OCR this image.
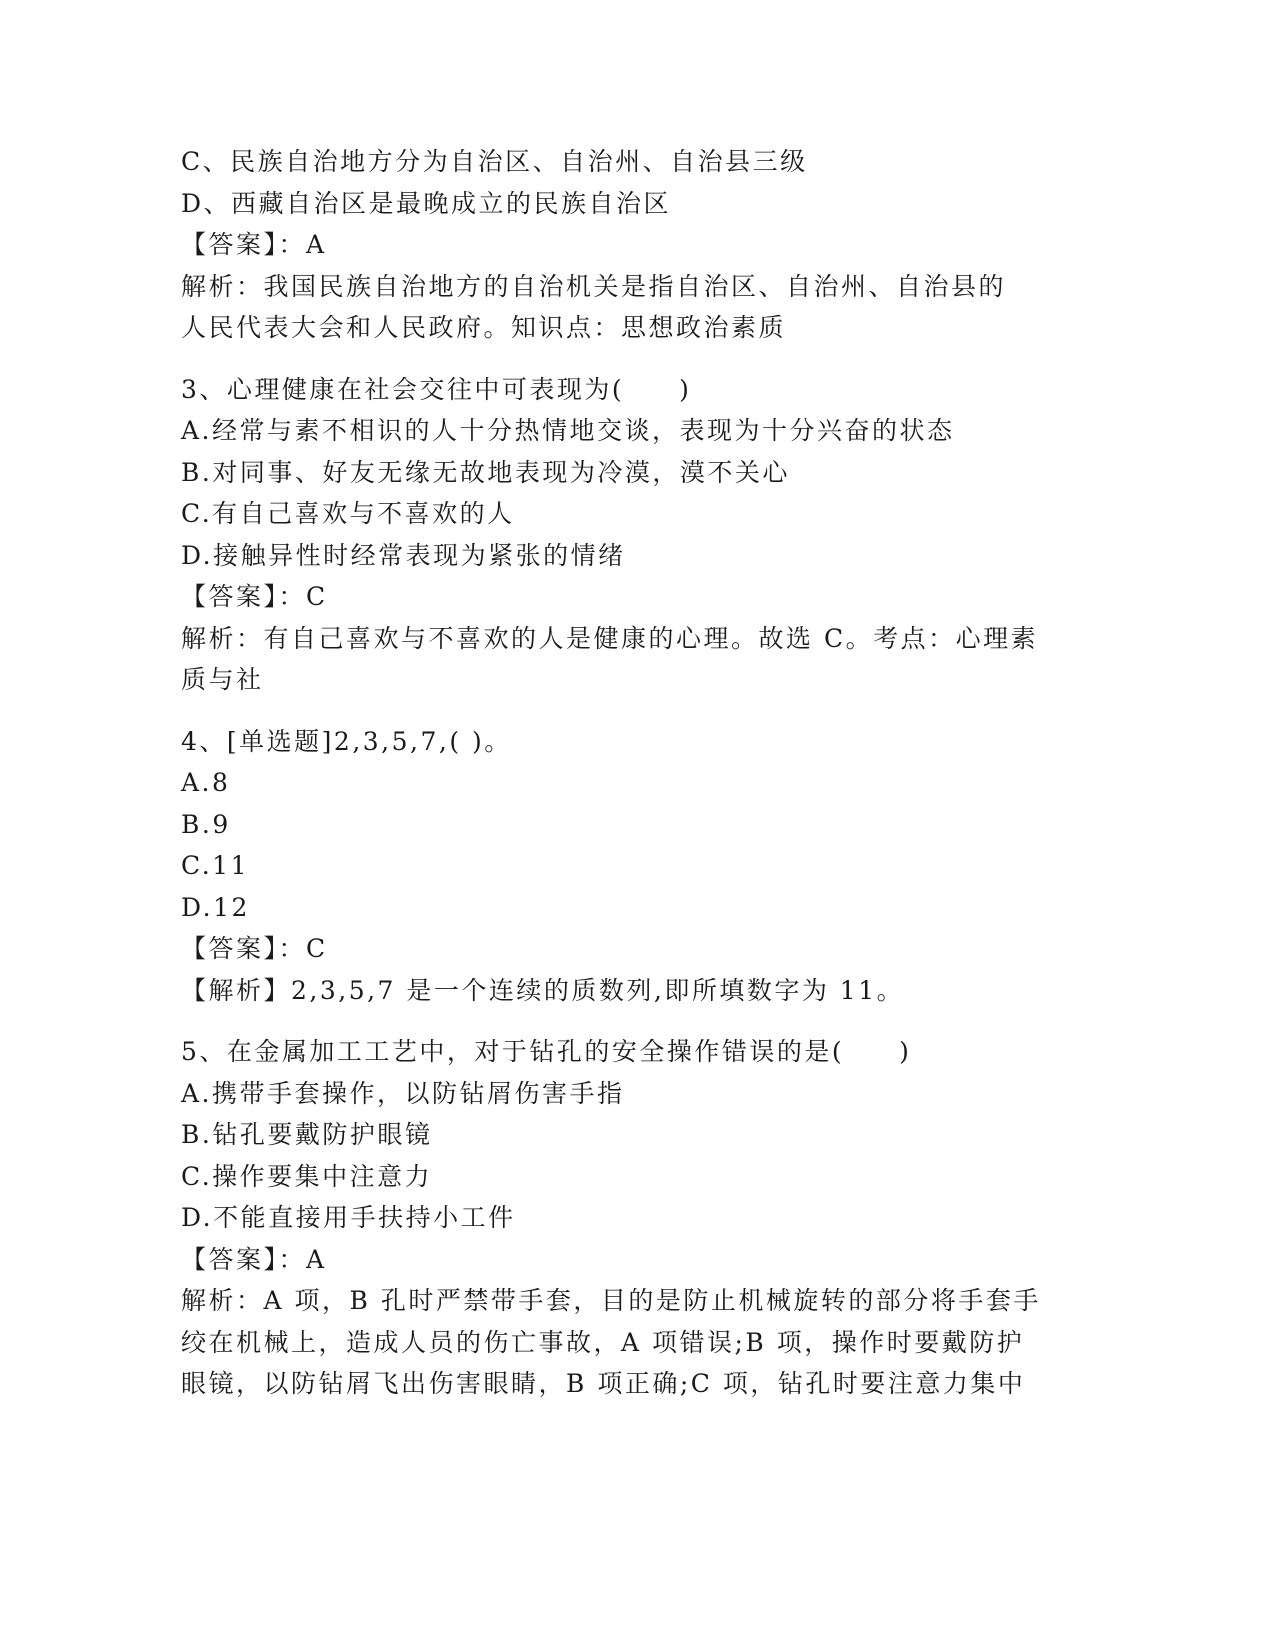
C、民族自治地方分为自治区、自治州、自治县三级
D、西藏自治区是最晚成立的民族自治区
【答案】：A
解析：我国民族自治地方的自治机关是指自治区、自治州、自治县的
人民代表大会和人民政府。知识点：思想政治素质
3、心理健康在社会交往中可表现为(　　)
A.经常与素不相识的人十分热情地交谈，表现为十分兴奋的状态
B.对同事、好友无缘无故地表现为冷漠，漠不关心
C.有自己喜欢与不喜欢的人
D.接触异性时经常表现为紧张的情绪
【答案】：C
解析：有自己喜欢与不喜欢的人是健康的心理。故选 C。考点：心理素
质与社
4、[单选题]2,3,5,7,( )。
A.8
B.9
C.11
D.12
【答案】：C
【解析】2,3,5,7 是一个连续的质数列,即所填数字为 11。
5、在金属加工工艺中，对于钻孔的安全操作错误的是(　　)
A.携带手套操作，以防钻屑伤害手指
B.钻孔要戴防护眼镜
C.操作要集中注意力
D.不能直接用手扶持小工件
【答案】：A
解析：A 项，B 孔时严禁带手套，目的是防止机械旋转的部分将手套手
绞在机械上，造成人员的伤亡事故，A 项错误;B 项，操作时要戴防护
眼镜，以防钻屑飞出伤害眼睛，B 项正确;C 项，钻孔时要注意力集中
